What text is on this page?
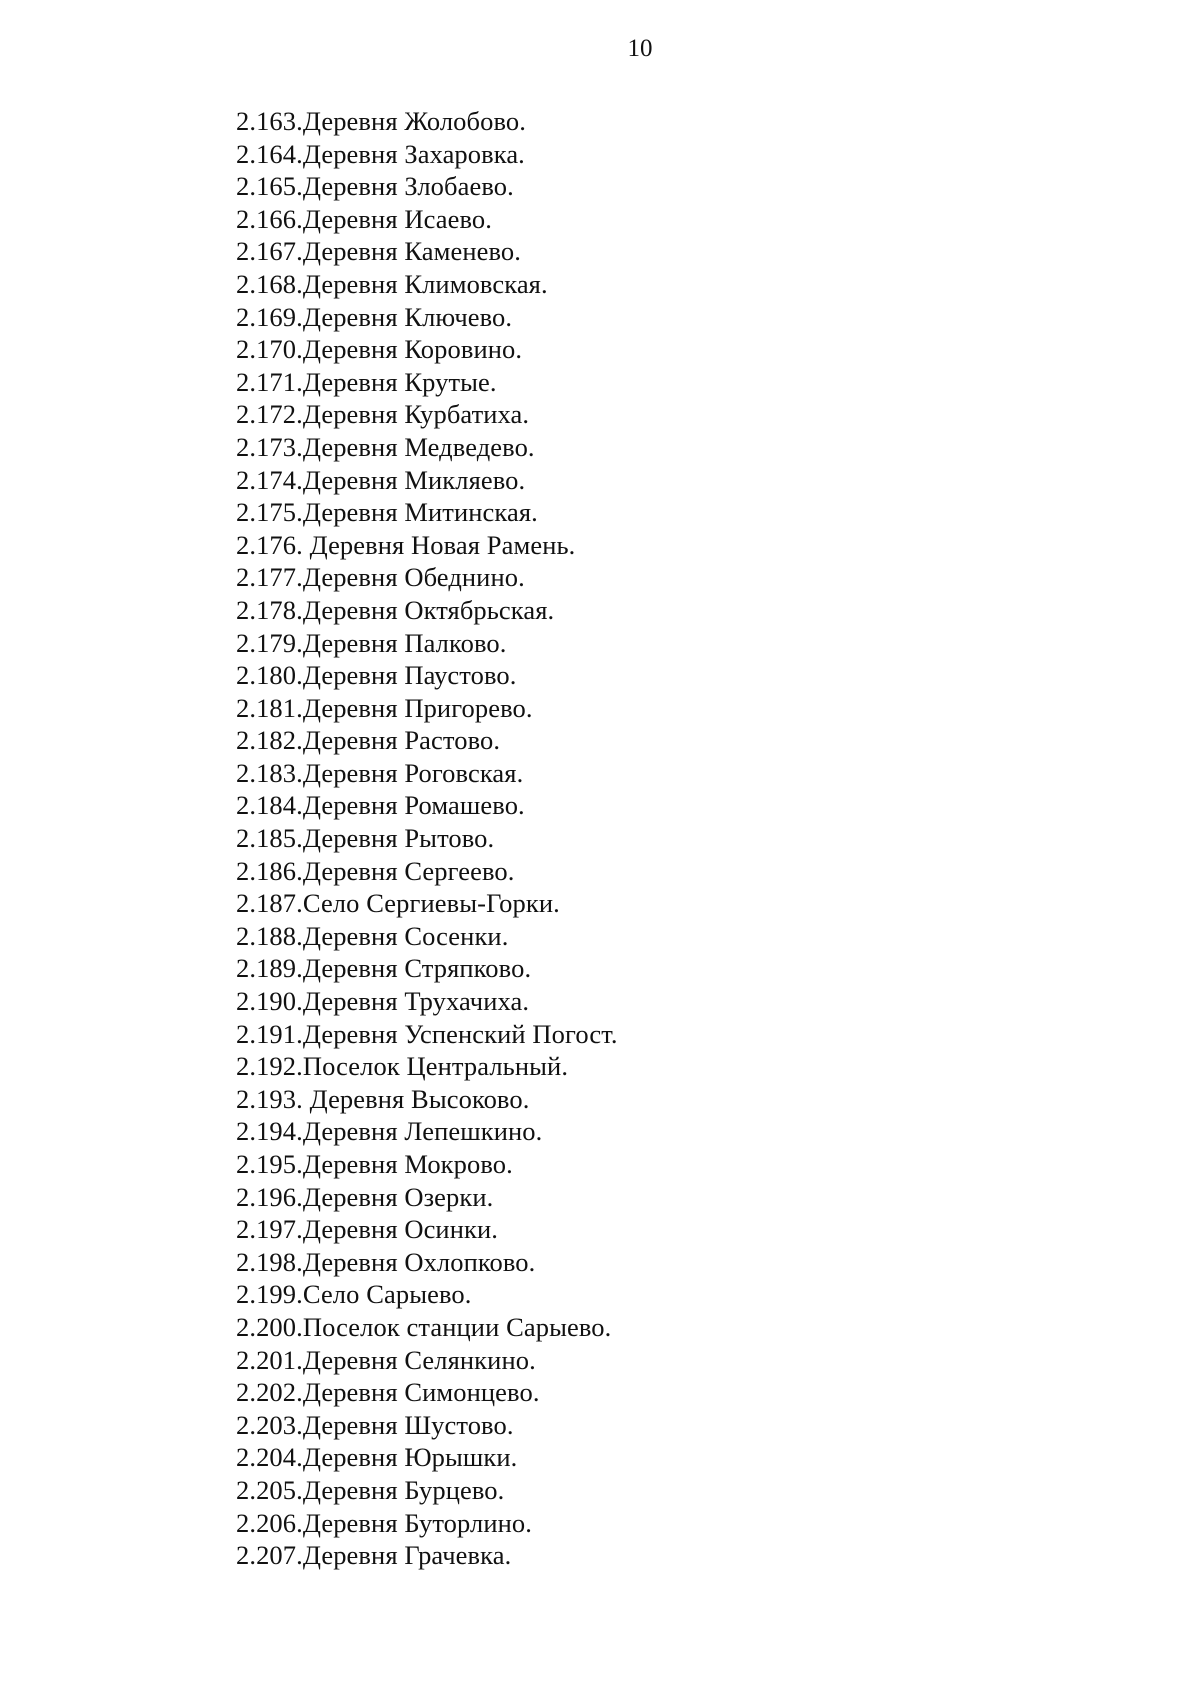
10
2.163.Деревня Жолобово.
2.164.Деревня Захаровка.
2.165.Деревня Злобаево.
2.166.Деревня Исаево.
2.167.Деревня Каменево.
2.168.Деревня Климовская.
2.169.Деревня Ключево.
2.170.Деревня Коровино.
2.171.Деревня Крутые.
2.172.Деревня Курбатиха.
2.173.Деревня Медведево.
2.174.Деревня Микляево.
2.175.Деревня Митинская.
2.176. Деревня Новая Рамень.
2.177.Деревня Обеднино.
2.178.Деревня Октябрьская.
2.179.Деревня Палково.
2.180.Деревня Паустово.
2.181.Деревня Пригорево.
2.182.Деревня Растово.
2.183.Деревня Роговская.
2.184.Деревня Ромашево.
2.185.Деревня Рытово.
2.186.Деревня Сергеево.
2.187.Село Сергиевы-Горки.
2.188.Деревня Сосенки.
2.189.Деревня Стряпково.
2.190.Деревня Трухачиха.
2.191.Деревня Успенский Погост.
2.192.Поселок Центральный.
2.193. Деревня Высоково.
2.194.Деревня Лепешкино.
2.195.Деревня Мокрово.
2.196.Деревня Озерки.
2.197.Деревня Осинки.
2.198.Деревня Охлопково.
2.199.Село Сарыево.
2.200.Поселок станции Сарыево.
2.201.Деревня Селянкино.
2.202.Деревня Симонцево.
2.203.Деревня Шустово.
2.204.Деревня Юрышки.
2.205.Деревня Бурцево.
2.206.Деревня Буторлино.
2.207.Деревня Грачевка.
